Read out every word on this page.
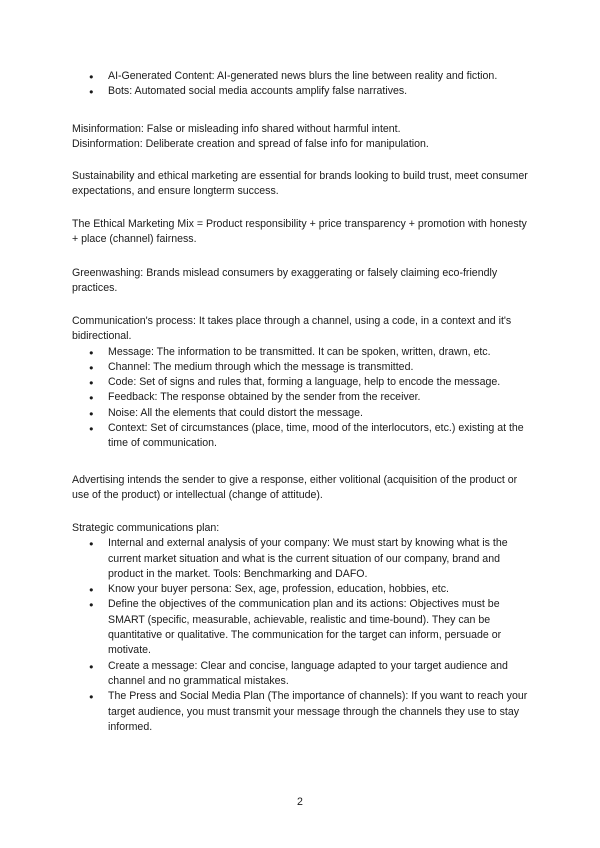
● AI-Generated Content: AI-generated news blurs the line between reality and fiction.
● Bots: Automated social media accounts amplify false narratives.

Misinformation: False or misleading info shared without harmful intent.

Disinformation: Deliberate creation and spread of false info for manipulation.

Sustainability and ethical marketing are essential for brands looking to build trust, meet consumer expectations, and ensure longterm success.

The Ethical Marketing Mix = Product responsibility + price transparency + promotion with honesty + place (channel) fairness.

Greenwashing: Brands mislead consumers by exaggerating or falsely claiming eco-friendly practices.

Communication's process: It takes place through a channel, using a code, in a context and it's bidirectional.

● Message: The information to be transmitted. It can be spoken, written, drawn, etc.
● Channel: The medium through which the message is transmitted.
● Code: Set of signs and rules that, forming a language, help to encode the message.
● Feedback: The response obtained by the sender from the receiver.
● Noise: All the elements that could distort the message.
● Context: Set of circumstances (place, time, mood of the interlocutors, etc.) existing at the time of communication.

Advertising intends the sender to give a response, either volitional (acquisition of the product or use of the product) or intellectual (change of attitude).

Strategic communications plan:

● Internal and external analysis of your company: We must start by knowing what is the current market situation and what is the current situation of our company, brand and product in the market. Tools: Benchmarking and DAFO.
● Know your buyer persona: Sex, age, profession, education, hobbies, etc.
● Define the objectives of the communication plan and its actions: Objectives must be SMART (specific, measurable, achievable, realistic and time-bound). They can be quantitative or qualitative. The communication for the target can inform, persuade or motivate.
● Create a message: Clear and concise, language adapted to your target audience and channel and no grammatical mistakes.
● The Press and Social Media Plan (The importance of channels): If you want to reach your target audience, you must transmit your message through the channels they use to stay informed.
2
